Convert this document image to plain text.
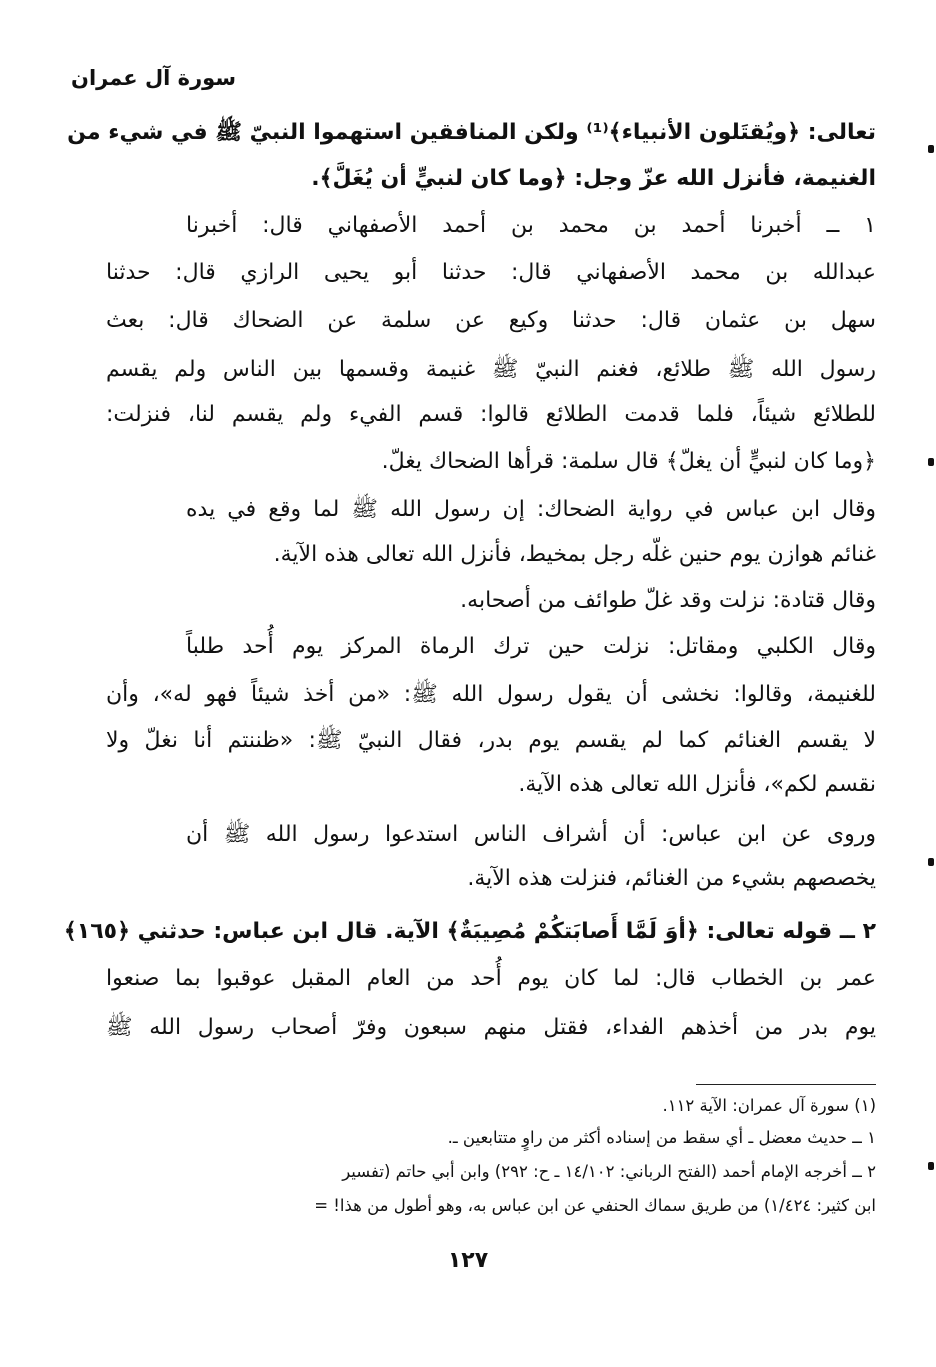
سورة آل عمران
تعالى: ﴿ويُقتَلون الأنبياء﴾⁽¹⁾ ولكن المنافقين استهموا النبيّ ﷺ في شيء من
الغنيمة، فأنزل الله عزّ وجل: ﴿وما كان لنبيٍّ أن يُغَلَّ﴾.
١ ــ أخبرنا أحمد بن محمد بن أحمد الأصفهاني قال: أخبرنا
عبدالله بن محمد الأصفهاني قال: حدثنا أبو يحيى الرازي قال: حدثنا
سهل بن عثمان قال: حدثنا وكيع عن سلمة عن الضحاك قال: بعث
رسول الله ﷺ طلائع، فغنم النبيّ ﷺ غنيمة وقسمها بين الناس ولم يقسم
للطلائع شيئاً، فلما قدمت الطلائع قالوا: قسم الفيء ولم يقسم لنا، فنزلت:
﴿وما كان لنبيٍّ أن يغلّ﴾ قال سلمة: قرأها الضحاك يغلّ.
وقال ابن عباس في رواية الضحاك: إن رسول الله ﷺ لما وقع في يده
غنائم هوازن يوم حنين غلّه رجل بمخيط، فأنزل الله تعالى هذه الآية.
وقال قتادة: نزلت وقد غلّ طوائف من أصحابه.
وقال الكلبي ومقاتل: نزلت حين ترك الرماة المركز يوم أُحد طلباً
للغنيمة، وقالوا: نخشى أن يقول رسول الله ﷺ: «من أخذ شيئاً فهو له»، وأن
لا يقسم الغنائم كما لم يقسم يوم بدر، فقال النبيّ ﷺ: «ظننتم أنا نغلّ ولا
نقسم لكم»، فأنزل الله تعالى هذه الآية.
وروى عن ابن عباس: أن أشراف الناس استدعوا رسول الله ﷺ أن
يخصصهم بشيء من الغنائم، فنزلت هذه الآية.
٢ ــ قوله تعالى: ﴿أوَ لَمَّا أَصابَتكُمْ مُصِيبَةٌ﴾ الآية. قال ابن عباس: حدثني ﴿١٦٥﴾
عمر بن الخطاب قال: لما كان يوم أُحد من العام المقبل عوقبوا بما صنعوا
يوم بدر من أخذهم الفداء، فقتل منهم سبعون وفرّ أصحاب رسول الله ﷺ
(١) سورة آل عمران: الآية ١١٢.
١ ــ حديث معضل ـ أي سقط من إسناده أكثر من راوٍ متتابعين ـ.
٢ ــ أخرجه الإمام أحمد (الفتح الرباني: ١٤/١٠٢ ـ ح: ٢٩٢) وابن أبي حاتم (تفسير
ابن كثير: ١/٤٢٤) من طريق سماك الحنفي عن ابن عباس به، وهو أطول من هذا! =
١٢٧
